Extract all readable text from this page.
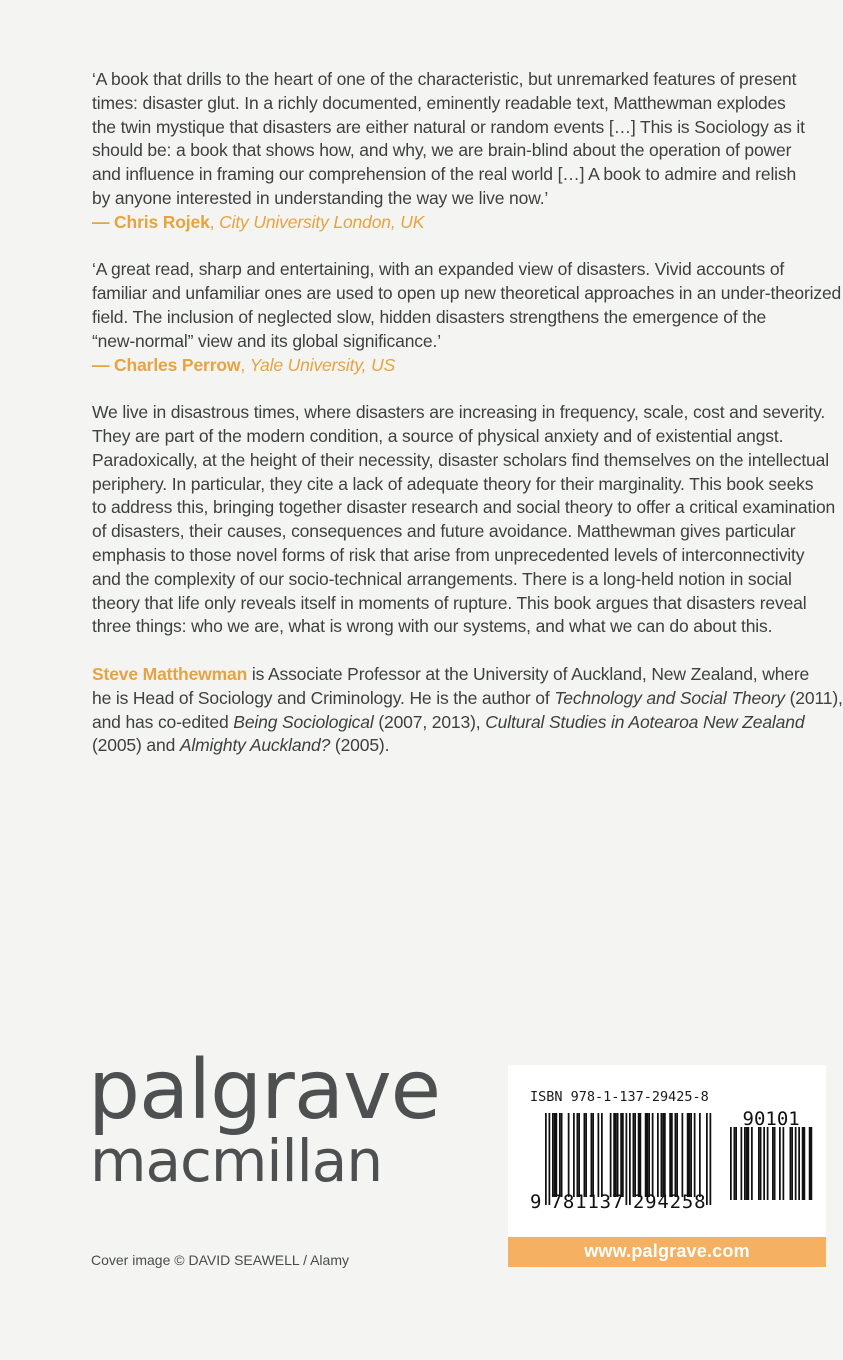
‘A book that drills to the heart of one of the characteristic, but unremarked features of present
times: disaster glut. In a richly documented, eminently readable text, Matthewman explodes
the twin mystique that disasters are either natural or random events […] This is Sociology as it
should be: a book that shows how, and why, we are brain-blind about the operation of power
and influence in framing our comprehension of the real world […] A book to admire and relish
by anyone interested in understanding the way we live now.’
— Chris Rojek, City University London, UK
‘A great read, sharp and entertaining, with an expanded view of disasters. Vivid accounts of
familiar and unfamiliar ones are used to open up new theoretical approaches in an under-theorized
field. The inclusion of neglected slow, hidden disasters strengthens the emergence of the
“new-normal” view and its global significance.’
— Charles Perrow, Yale University, US
We live in disastrous times, where disasters are increasing in frequency, scale, cost and severity.
They are part of the modern condition, a source of physical anxiety and of existential angst.
Paradoxically, at the height of their necessity, disaster scholars find themselves on the intellectual
periphery. In particular, they cite a lack of adequate theory for their marginality. This book seeks
to address this, bringing together disaster research and social theory to offer a critical examination
of disasters, their causes, consequences and future avoidance. Matthewman gives particular
emphasis to those novel forms of risk that arise from unprecedented levels of interconnectivity
and the complexity of our socio-technical arrangements. There is a long-held notion in social
theory that life only reveals itself in moments of rupture. This book argues that disasters reveal
three things: who we are, what is wrong with our systems, and what we can do about this.
Steve Matthewman is Associate Professor at the University of Auckland, New Zealand, where
he is Head of Sociology and Criminology. He is the author of Technology and Social Theory (2011),
and has co-edited Being Sociological (2007, 2013), Cultural Studies in Aotearoa New Zealand
(2005) and Almighty Auckland? (2005).
palgrave
macmillan
Cover image © DAVID SEAWELL / Alamy
ISBN 978-1-137-29425-8
9 7 8 1 1 3 7 2 9 4 2 5 8
90101
www.palgrave.com
